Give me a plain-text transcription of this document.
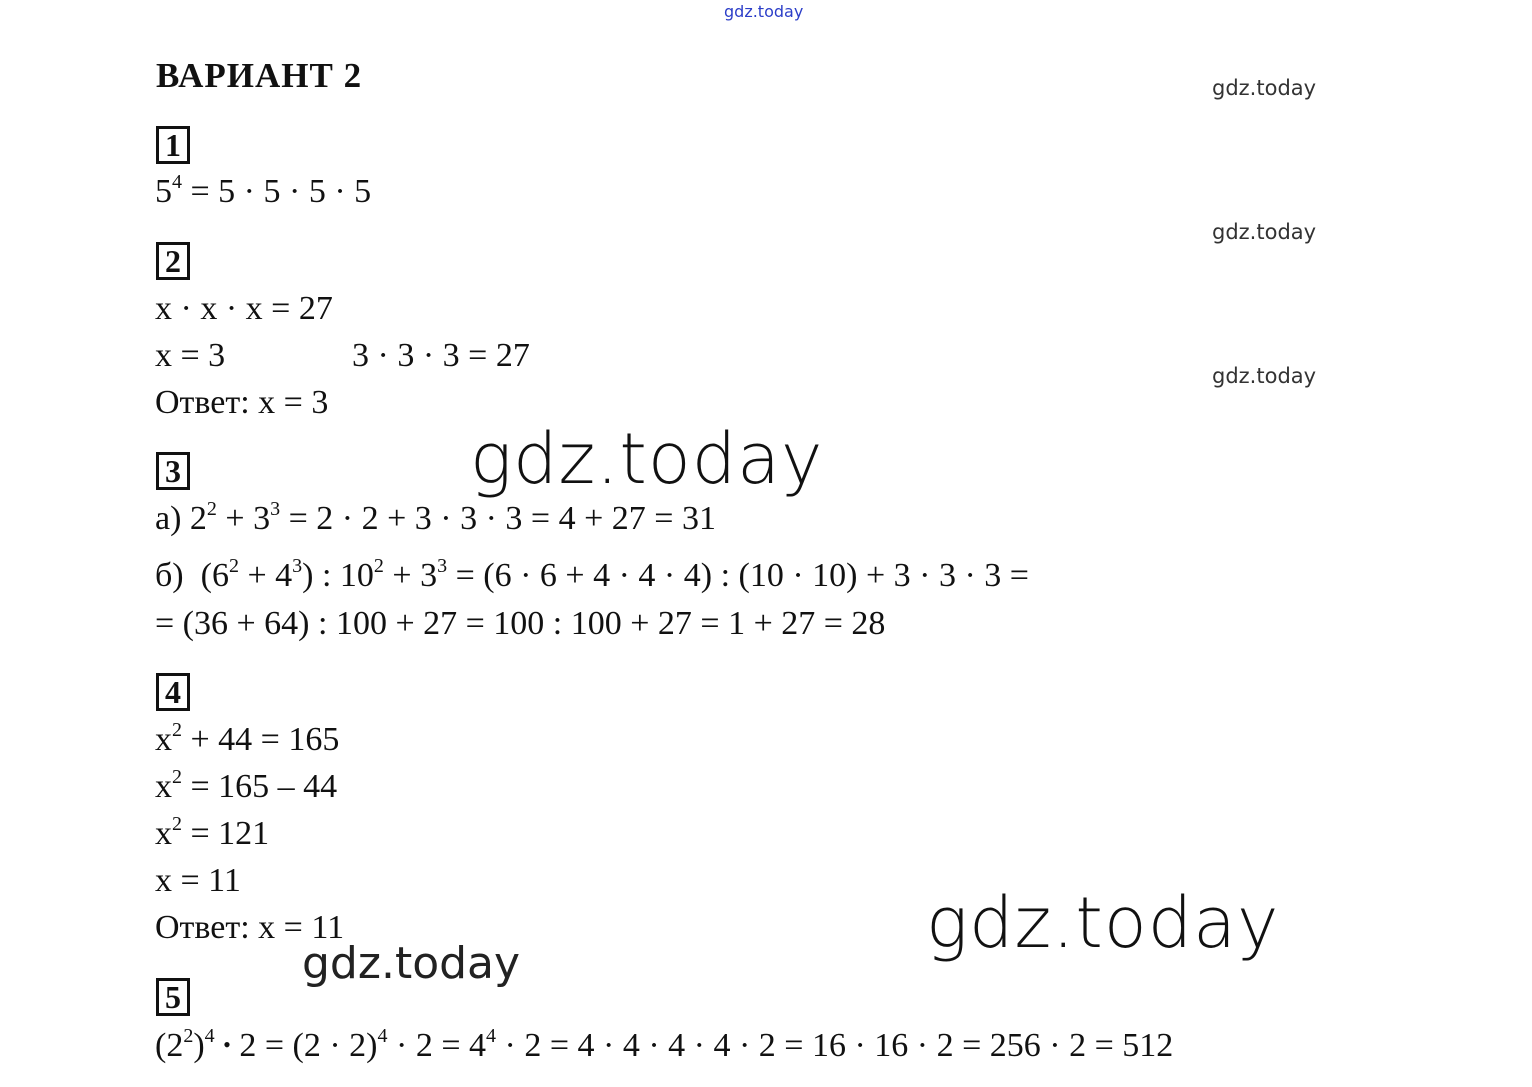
gdz.today
gdz.today
gdz.today
gdz.today
ВАРИАНТ 2
1
$5^4 = 5 \cdot 5 \cdot 5 \cdot 5$
2
x · x · x = 27
x = 3	3 · 3 · 3 = 27
Ответ: x = 3
3
а) $2^2 + 3^3 = 2 \cdot 2 + 3 \cdot 3 \cdot 3 = 4 + 27 = 31$
б)  $(6^2 + 4^3)$ : $10^2 + 3^3 = (6 \cdot 6 + 4 \cdot 4 \cdot 4)$ : (10 · 10) + 3 · 3 · 3 =
= (36 + 64) : 100 + 27 = 100 : 100 + 27 = 1 + 27 = 28
gdz.today
4
$x^2 + 44 = 165$
$x^2 = 165 - 44$
$x^2 = 121$
x = 11
Ответ: x = 11	gdz.today
gdz.today
5
$(2^2)^4$ • $2 = (2 \cdot 2)^4 \cdot 2 = 4^4 \cdot 2 = 4 \cdot 4 \cdot 4 \cdot 4 \cdot 2 = 16 \cdot 16 \cdot 2 = 256 \cdot 2 = 512$
